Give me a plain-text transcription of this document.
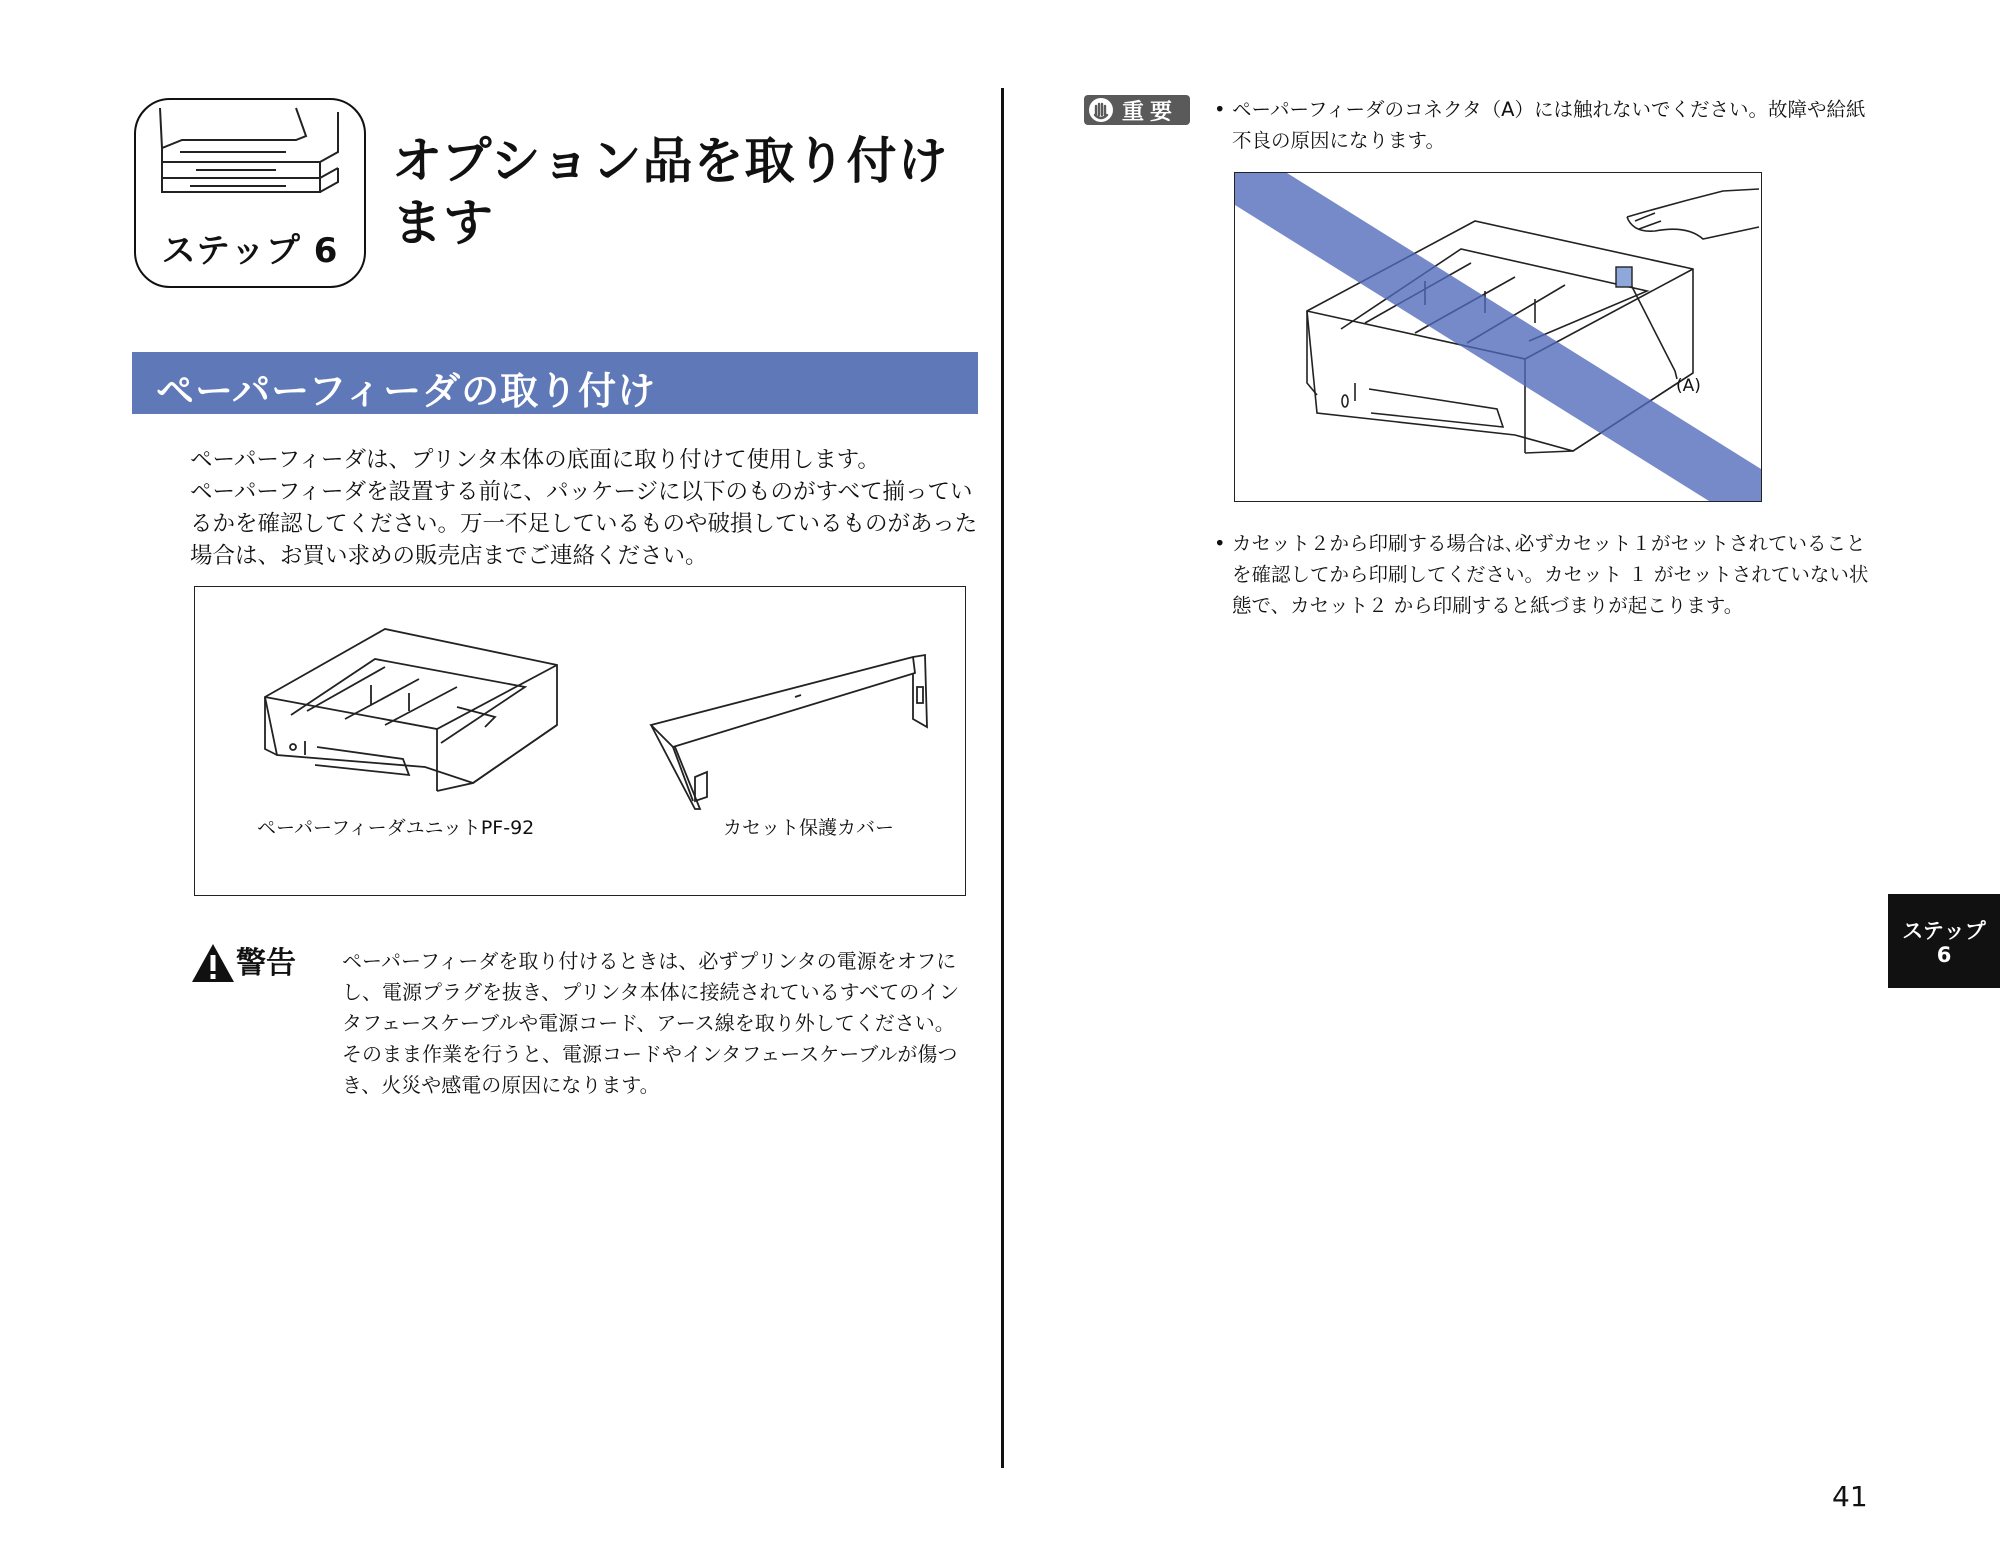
ステップ 6
オプション品を取り付けます
ペーパーフィーダの取り付け
ペーパーフィーダは、プリンタ本体の底面に取り付けて使用します。
ペーパーフィーダを設置する前に、パッケージに以下のものがすべて揃っているかを確認してください。万一不足しているものや破損しているものがあった場合は、お買い求めの販売店までご連絡ください。
ペーパーフィーダユニットPF-92	カセット保護カバー
警告 ペーパーフィーダを取り付けるときは、必ずプリンタの電源をオフにし、電源プラグを抜き、プリンタ本体に接続されているすべてのインタフェースケーブルや電源コード、アース線を取り外してください。そのまま作業を行うと、電源コードやインタフェースケーブルが傷つき、火災や感電の原因になります。
重要 • ペーパーフィーダのコネクタ（A）には触れないでください。故障や給紙不良の原因になります。
(A)
• カセット２から印刷する場合は､必ずカセット１がセットされていることを確認してから印刷してください。カセット １ がセットされていない状態で、カセット２ から印刷すると紙づまりが起こります。
ステップ
6
41
